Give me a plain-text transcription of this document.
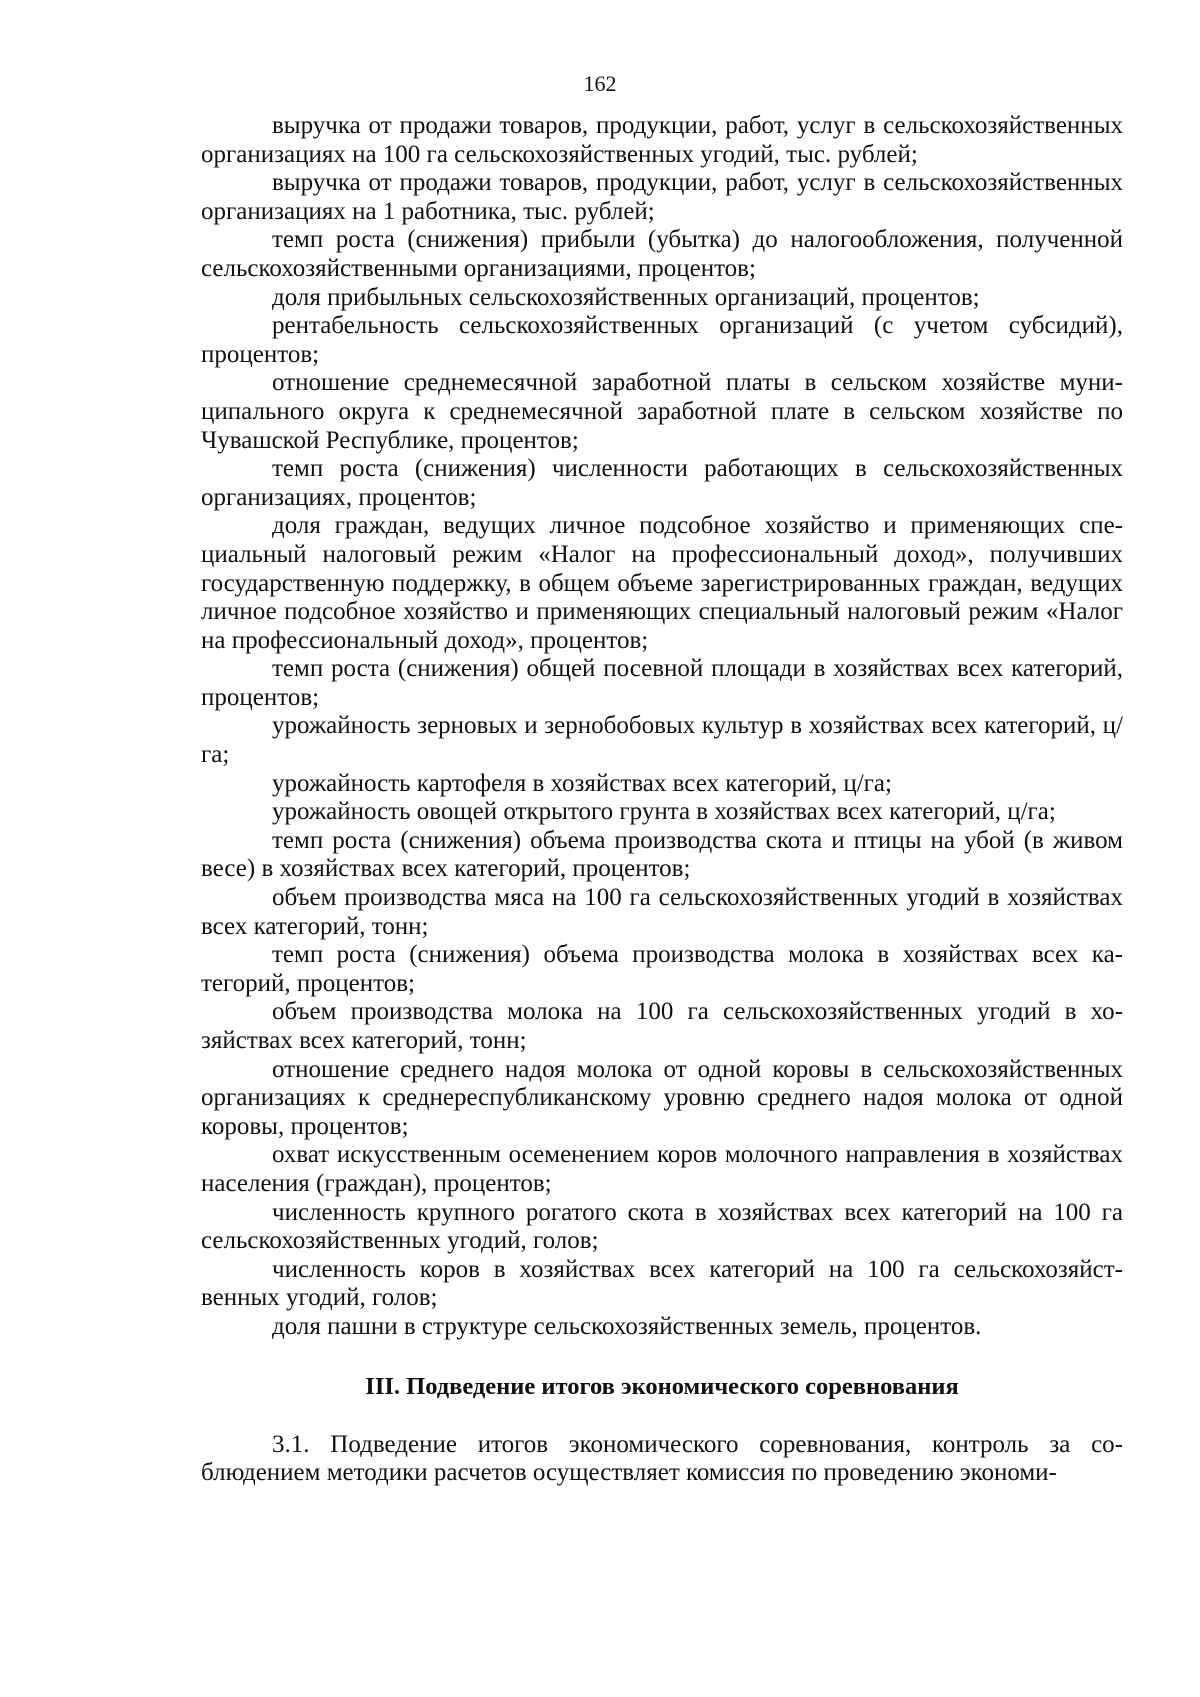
162

выручка от продажи товаров, продукции, работ, услуг в сельскохозяйственных организациях на 100 га сельскохозяйственных угодий, тыс. рублей;

выручка от продажи товаров, продукции, работ, услуг в сельскохозяйственных организациях на 1 работника, тыс. рублей;

темп роста (снижения) прибыли (убытка) до налогообложения, полученной сельскохозяйственными организациями, процентов;

доля прибыльных сельскохозяйственных организаций, процентов;

рентабельность сельскохозяйственных организаций (с учетом субсидий), процентов;

отношение среднемесячной заработной платы в сельском хозяйстве муниципального округа к среднемесячной заработной плате в сельском хозяйстве по Чувашской Республике, процентов;

темп роста (снижения) численности работающих в сельскохозяйственных организациях, процентов;

доля граждан, ведущих личное подсобное хозяйство и применяющих специальный налоговый режим «Налог на профессиональный доход», получивших государственную поддержку, в общем объеме зарегистрированных граждан, ведущих личное подсобное хозяйство и применяющих специальный налоговый режим «Налог на профессиональный доход», процентов;

темп роста (снижения) общей посевной площади в хозяйствах всех категорий, процентов;

урожайность зерновых и зернобобовых культур в хозяйствах всех категорий, ц/га;

урожайность картофеля в хозяйствах всех категорий, ц/га;

урожайность овощей открытого грунта в хозяйствах всех категорий, ц/га;

темп роста (снижения) объема производства скота и птицы на убой (в живом весе) в хозяйствах всех категорий, процентов;

объем производства мяса на 100 га сельскохозяйственных угодий в хозяйствах всех категорий, тонн;

темп роста (снижения) объема производства молока в хозяйствах всех категорий, процентов;

объем производства молока на 100 га сельскохозяйственных угодий в хозяйствах всех категорий, тонн;

отношение среднего надоя молока от одной коровы в сельскохозяйственных организациях к среднереспубликанскому уровню среднего надоя молока от одной коровы, процентов;

охват искусственным осеменением коров молочного направления в хозяйствах населения (граждан), процентов;

численность крупного рогатого скота в хозяйствах всех категорий на 100 га сельскохозяйственных угодий, голов;

численность коров в хозяйствах всех категорий на 100 га сельскохозяйственных угодий, голов;

доля пашни в структуре сельскохозяйственных земель, процентов.

III. Подведение итогов экономического соревнования

3.1. Подведение итогов экономического соревнования, контроль за соблюдением методики расчетов осуществляет комиссия по проведению экономи-
